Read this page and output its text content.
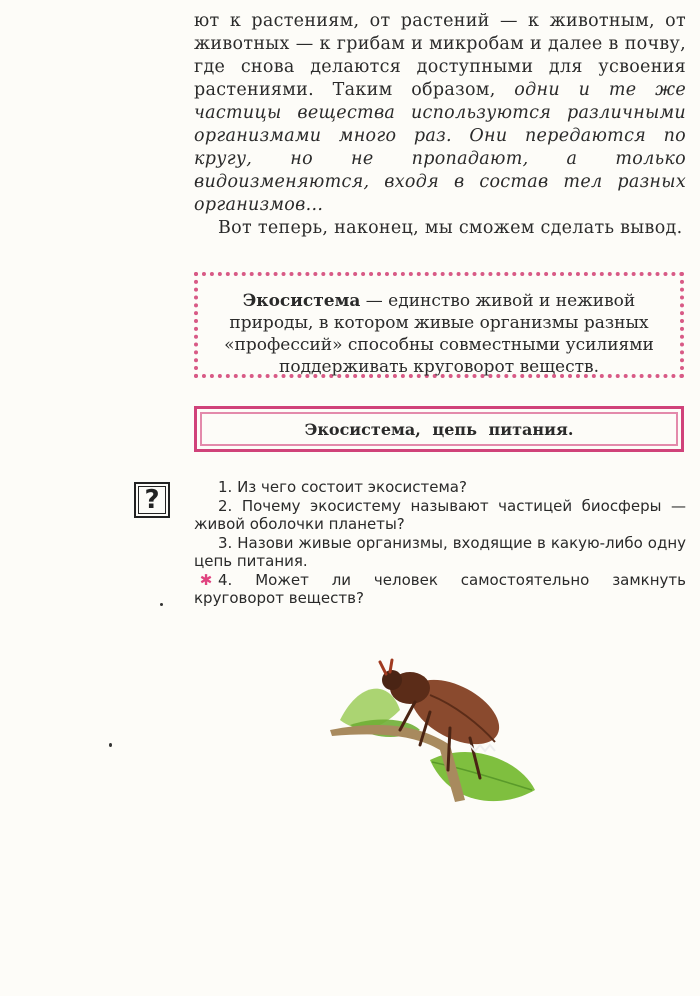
ют к растениям, от растений — к животным, от животных — к грибам и микробам и далее в почву, где снова делаются доступными для усвоения растениями. Таким образом, одни и те же частицы вещества используются различными организмами много раз. Они передаются по кругу, но не пропадают, а только видоизменяются, входя в состав тел разных организмов...

Вот теперь, наконец, мы сможем сделать вывод.

Экосистема — единство живой и неживой природы, в котором живые организмы разных «профессий» способны совместными усилиями поддерживать круговорот веществ.
Экосистема, цепь питания.
?	1. Из чего состоит экосистема?

2. Почему экосистему называют частицей биосферы — живой оболочки планеты?

3. Назови живые организмы, входящие в какую-либо одну цепь питания.

✱ 4. Может ли человек самостоятельно замкнуть круговорот веществ?
